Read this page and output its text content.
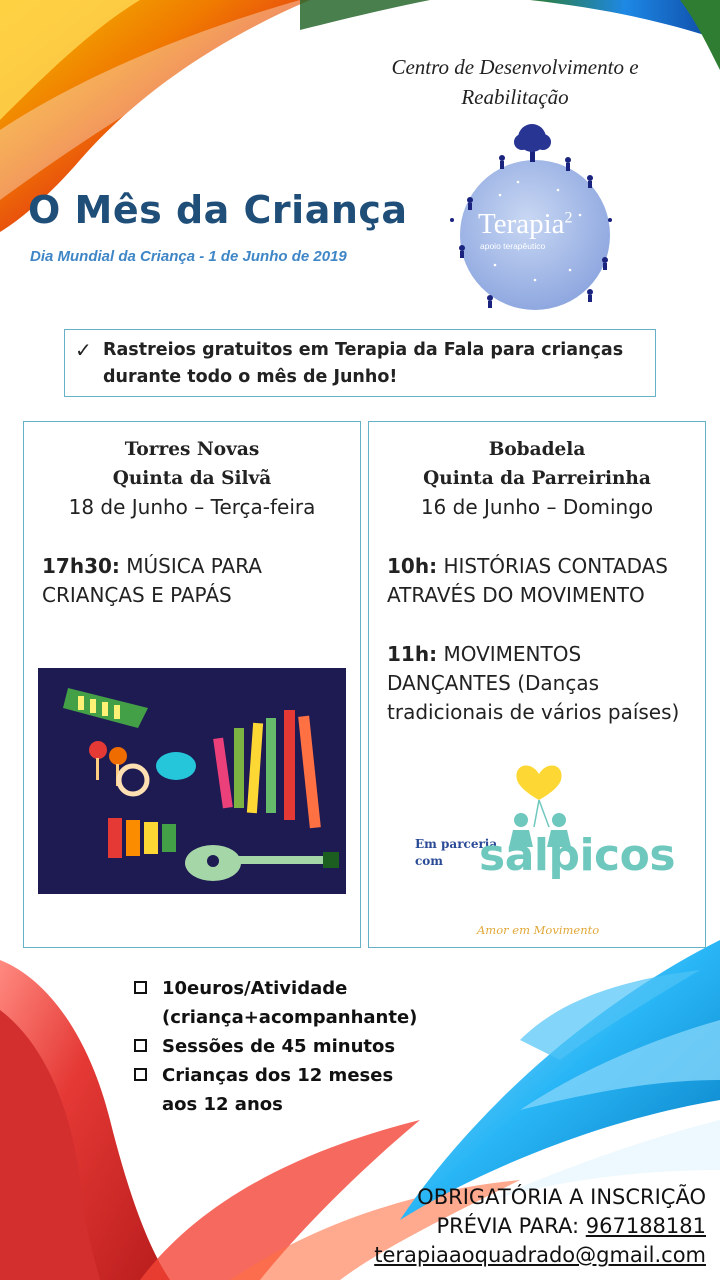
Centro de Desenvolvimento e Reabilitação
O Mês da Criança
Dia Mundial da Criança - 1 de Junho de 2019
Terapia$^2$
apoio terapêutico
✓ Rastreios gratuitos em Terapia da Fala para crianças durante todo o mês de Junho!
Torres Novas
Quinta da Silvã
18 de Junho – Terça-feira
17h30: MÚSICA PARA CRIANÇAS E PAPÁS
Bobadela
Quinta da Parreirinha
16 de Junho – Domingo
10h: HISTÓRIAS CONTADAS ATRAVÉS DO MOVIMENTO
11h: MOVIMENTOS DANÇANTES (Danças tradicionais de vários países)
Em parceria
com salpicos
Amor em Movimento
10euros/Atividade
(criança+acompanhante)
Sessões de 45 minutos
Crianças dos 12 meses
aos 12 anos
OBRIGATÓRIA A INSCRIÇÃO
PRÉVIA PARA: 967188181
terapiaaoquadrado@gmail.com
